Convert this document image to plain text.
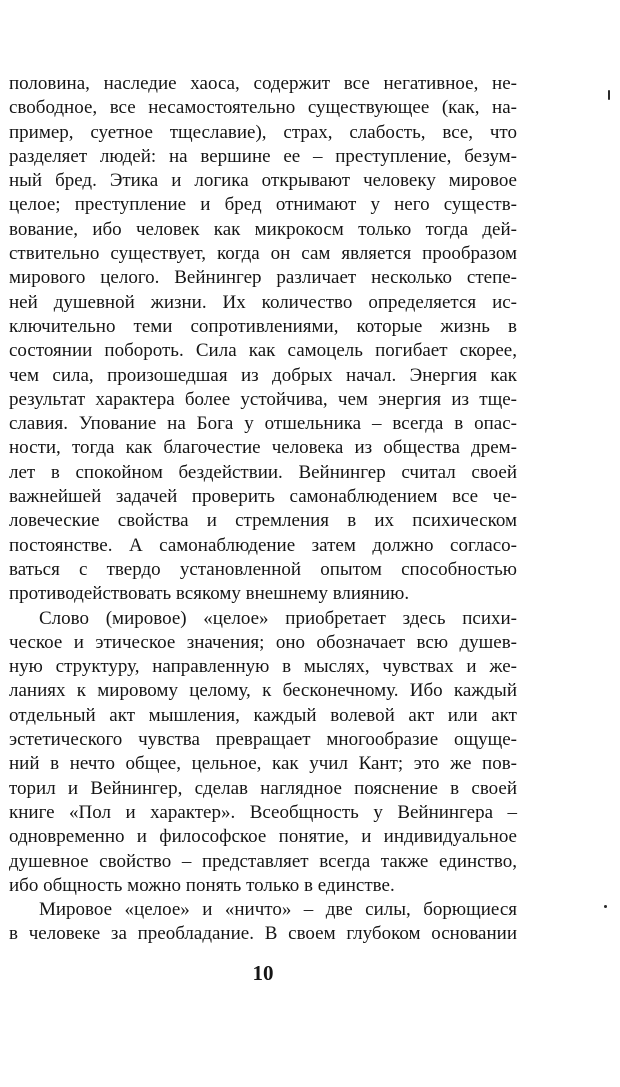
половина, наследие хаоса, содержит все негативное, не-
свободное, все несамостоятельно существующее (как, на-
пример, суетное тщеславие), страх, слабость, все, что
разделяет людей: на вершине ее – преступление, безум-
ный бред. Этика и логика открывают человеку мировое
целое; преступление и бред отнимают у него существ-
вование, ибо человек как микрокосм только тогда дей-
ствительно существует, когда он сам является прообразом
мирового целого. Вейнингер различает несколько степе-
ней душевной жизни. Их количество определяется ис-
ключительно теми сопротивлениями, которые жизнь в
состоянии побороть. Сила как самоцель погибает скорее,
чем сила, произошедшая из добрых начал. Энергия как
результат характера более устойчива, чем энергия из тще-
славия. Упование на Бога у отшельника – всегда в опас-
ности, тогда как благочестие человека из общества дрем-
лет в спокойном бездействии. Вейнингер считал своей
важнейшей задачей проверить самонаблюдением все че-
ловеческие свойства и стремления в их психическом
постоянстве. А самонаблюдение затем должно согласо-
ваться с твердо установленной опытом способностью
противодействовать всякому внешнему влиянию.
Слово (мировое) «целое» приобретает здесь психи-
ческое и этическое значения; оно обозначает всю душев-
ную структуру, направленную в мыслях, чувствах и же-
ланиях к мировому целому, к бесконечному. Ибо каждый
отдельный акт мышления, каждый волевой акт или акт
эстетического чувства превращает многообразие ощуще-
ний в нечто общее, цельное, как учил Кант; это же пов-
торил и Вейнингер, сделав наглядное пояснение в своей
книге «Пол и характер». Всеобщность у Вейнингера –
одновременно и философское понятие, и индивидуальное
душевное свойство – представляет всегда также единство,
ибо общность можно понять только в единстве.
Мировое «целое» и «ничто» – две силы, борющиеся
в человеке за преобладание. В своем глубоком основании
10
